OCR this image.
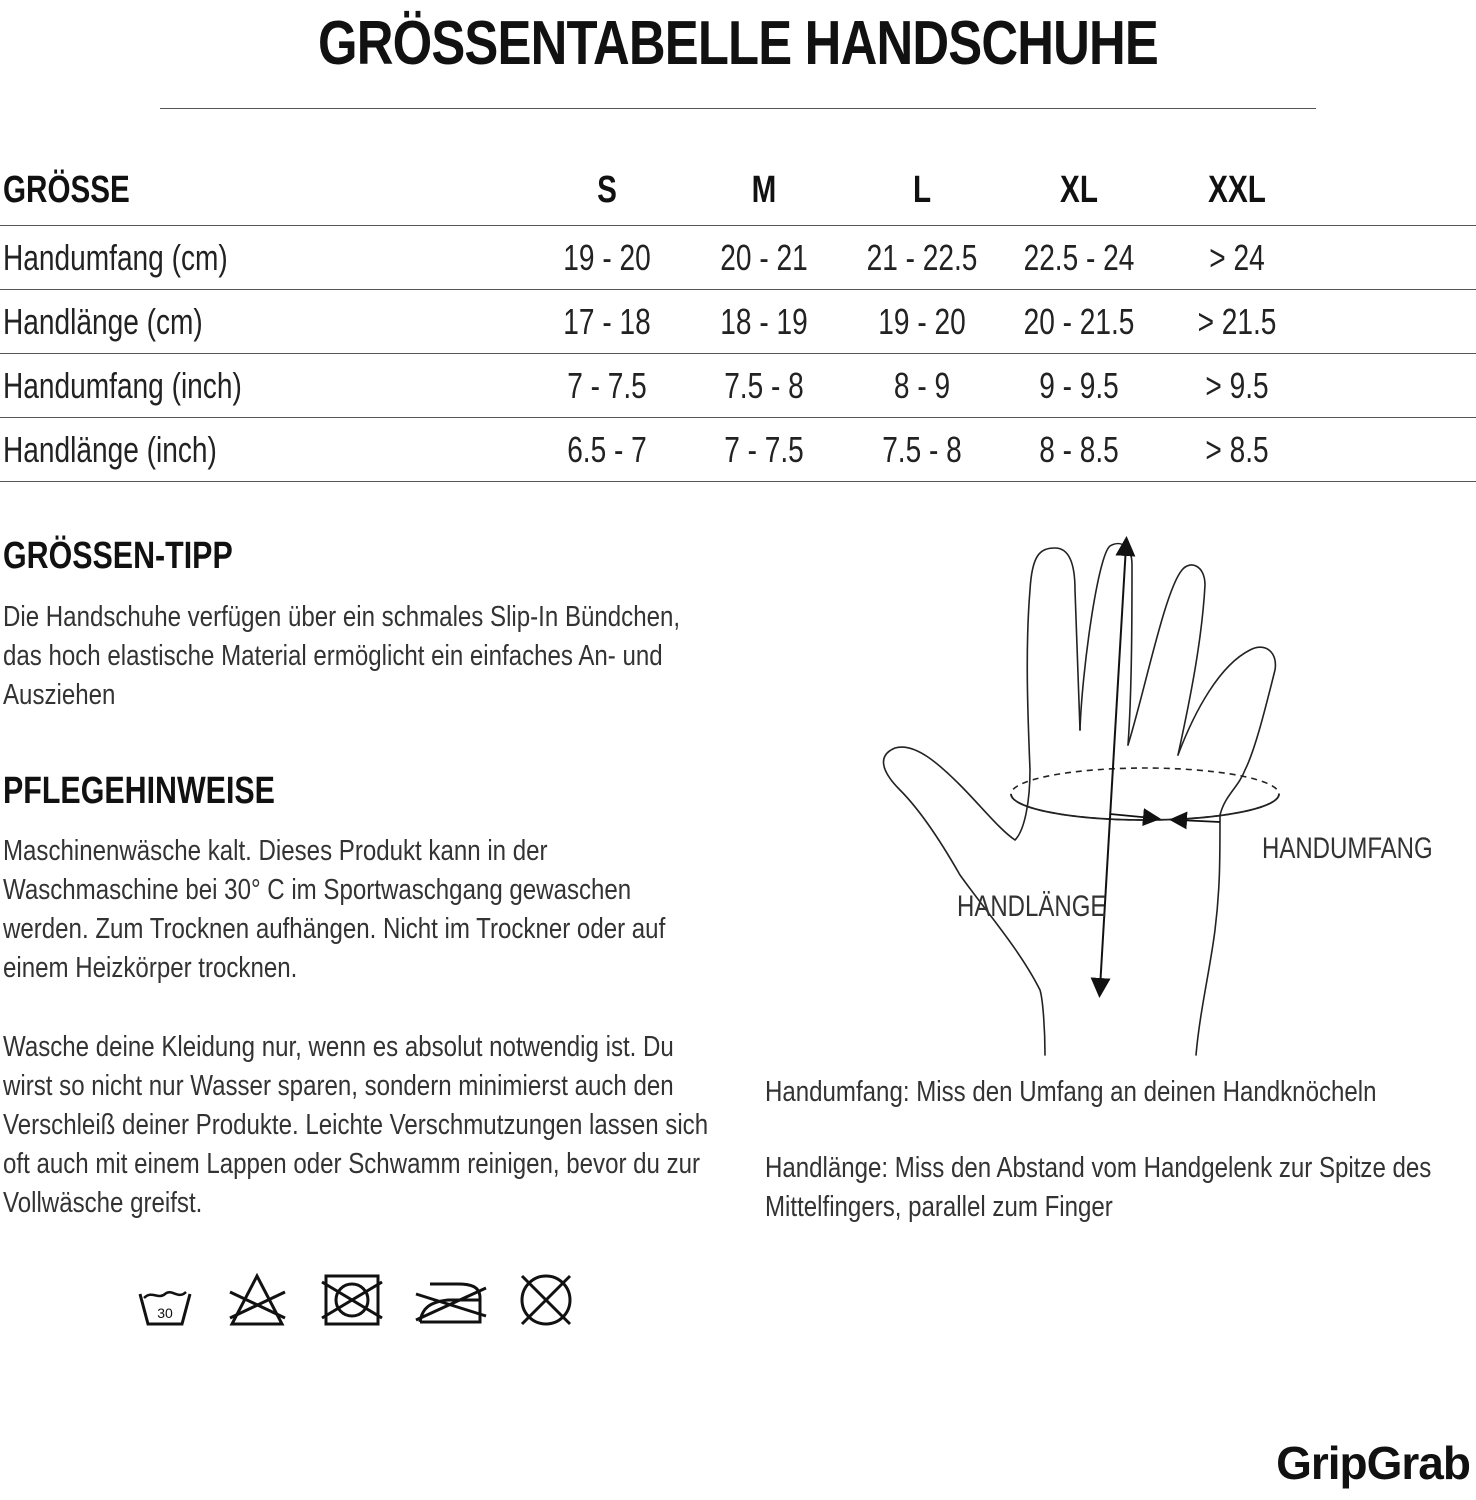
GRÖSSENTABELLE HANDSCHUHE
GRÖSSE	S	M	L	XL	XXL
Handumfang (cm)	19 - 20	20 - 21	21 - 22.5	22.5 - 24	> 24
Handlänge (cm)	17 - 18	18 - 19	19 - 20	20 - 21.5	> 21.5
Handumfang (inch)	7 - 7.5	7.5 - 8	8 - 9	9 - 9.5	> 9.5
Handlänge (inch)	6.5 - 7	7 - 7.5	7.5 - 8	8 - 8.5	> 8.5
GRÖSSEN-TIPP
Die Handschuhe verfügen über ein schmales Slip-In Bündchen,
das hoch elastische Material ermöglicht ein einfaches An- und
Ausziehen
PFLEGEHINWEISE
Maschinenwäsche kalt. Dieses Produkt kann in der
Waschmaschine bei 30° C im Sportwaschgang gewaschen
werden. Zum Trocknen aufhängen. Nicht im Trockner oder auf
einem Heizkörper trocknen.
Wasche deine Kleidung nur, wenn es absolut notwendig ist. Du
wirst so nicht nur Wasser sparen, sondern minimierst auch den
Verschleiß deiner Produkte. Leichte Verschmutzungen lassen sich
oft auch mit einem Lappen oder Schwamm reinigen, bevor du zur
Vollwäsche greifst.
HANDUMFANG
HANDLÄNGE
Handumfang: Miss den Umfang an deinen Handknöcheln
Handlänge: Miss den Abstand vom Handgelenk zur Spitze des
Mittelfingers, parallel zum Finger
30
GripGrab
